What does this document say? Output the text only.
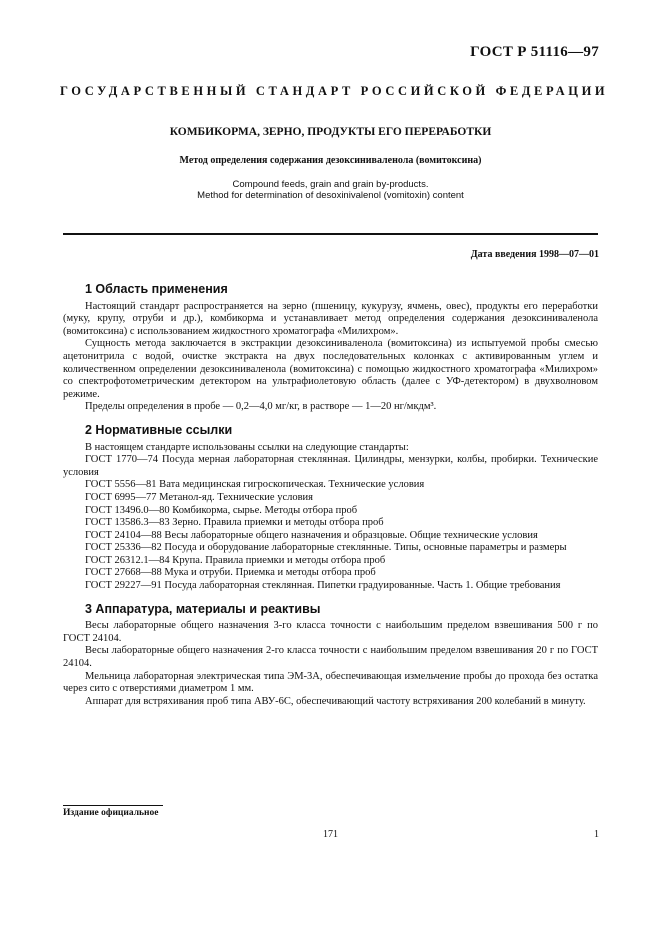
ГОСТ Р 51116—97
ГОСУДАРСТВЕННЫЙ СТАНДАРТ РОССИЙСКОЙ ФЕДЕРАЦИИ
КОМБИКОРМА, ЗЕРНО, ПРОДУКТЫ ЕГО ПЕРЕРАБОТКИ
Метод определения содержания дезоксиниваленола (вомитоксина)
Compound feeds, grain and grain by-products.
Method for determination of desoxinivalenol (vomitoxin) content
Дата введения 1998—07—01
1 Область применения

Настоящий стандарт распространяется на зерно (пшеницу, кукурузу, ячмень, овес), продукты его переработки (муку, крупу, отруби и др.), комбикорма и устанавливает метод определения содержания дезоксиниваленола (вомитоксина) с использованием жидкостного хроматографа «Милихром».

Сущность метода заключается в экстракции дезоксиниваленола (вомитоксина) из испытуемой пробы смесью ацетонитрила с водой, очистке экстракта на двух последовательных колонках с активированным углем и количественном определении дезоксиниваленола (вомитоксина) с помощью жидкостного хроматографа «Милихром» со спектрофотометрическим детектором на ультрафиолетовую область (далее с УФ-детектором) в двухволновом режиме.

Пределы определения в пробе — 0,2—4,0 мг/кг, в растворе — 1—20 нг/мкдм³.

2 Нормативные ссылки

В настоящем стандарте использованы ссылки на следующие стандарты:

ГОСТ 1770—74 Посуда мерная лабораторная стеклянная. Цилиндры, мензурки, колбы, пробирки. Технические условия

ГОСТ 5556—81 Вата медицинская гигроскопическая. Технические условия

ГОСТ 6995—77 Метанол-яд. Технические условия

ГОСТ 13496.0—80 Комбикорма, сырье. Методы отбора проб

ГОСТ 13586.3—83 Зерно. Правила приемки и методы отбора проб

ГОСТ 24104—88 Весы лабораторные общего назначения и образцовые. Общие технические условия

ГОСТ 25336—82 Посуда и оборудование лабораторные стеклянные. Типы, основные параметры и размеры

ГОСТ 26312.1—84 Крупа. Правила приемки и методы отбора проб

ГОСТ 27668—88 Мука и отруби. Приемка и методы отбора проб

ГОСТ 29227—91 Посуда лабораторная стеклянная. Пипетки градуированные. Часть 1. Общие требования

3 Аппаратура, материалы и реактивы

Весы лабораторные общего назначения 3-го класса точности с наибольшим пределом взвешивания 500 г по ГОСТ 24104.

Весы лабораторные общего назначения 2-го класса точности с наибольшим пределом взвешивания 20 г по ГОСТ 24104.

Мельница лабораторная электрическая типа ЭМ-3А, обеспечивающая измельчение пробы до прохода без остатка через сито с отверстиями диаметром 1 мм.

Аппарат для встряхивания проб типа АВУ-6С, обеспечивающий частоту встряхивания 200 колебаний в минуту.

Издание официальное
171	1
